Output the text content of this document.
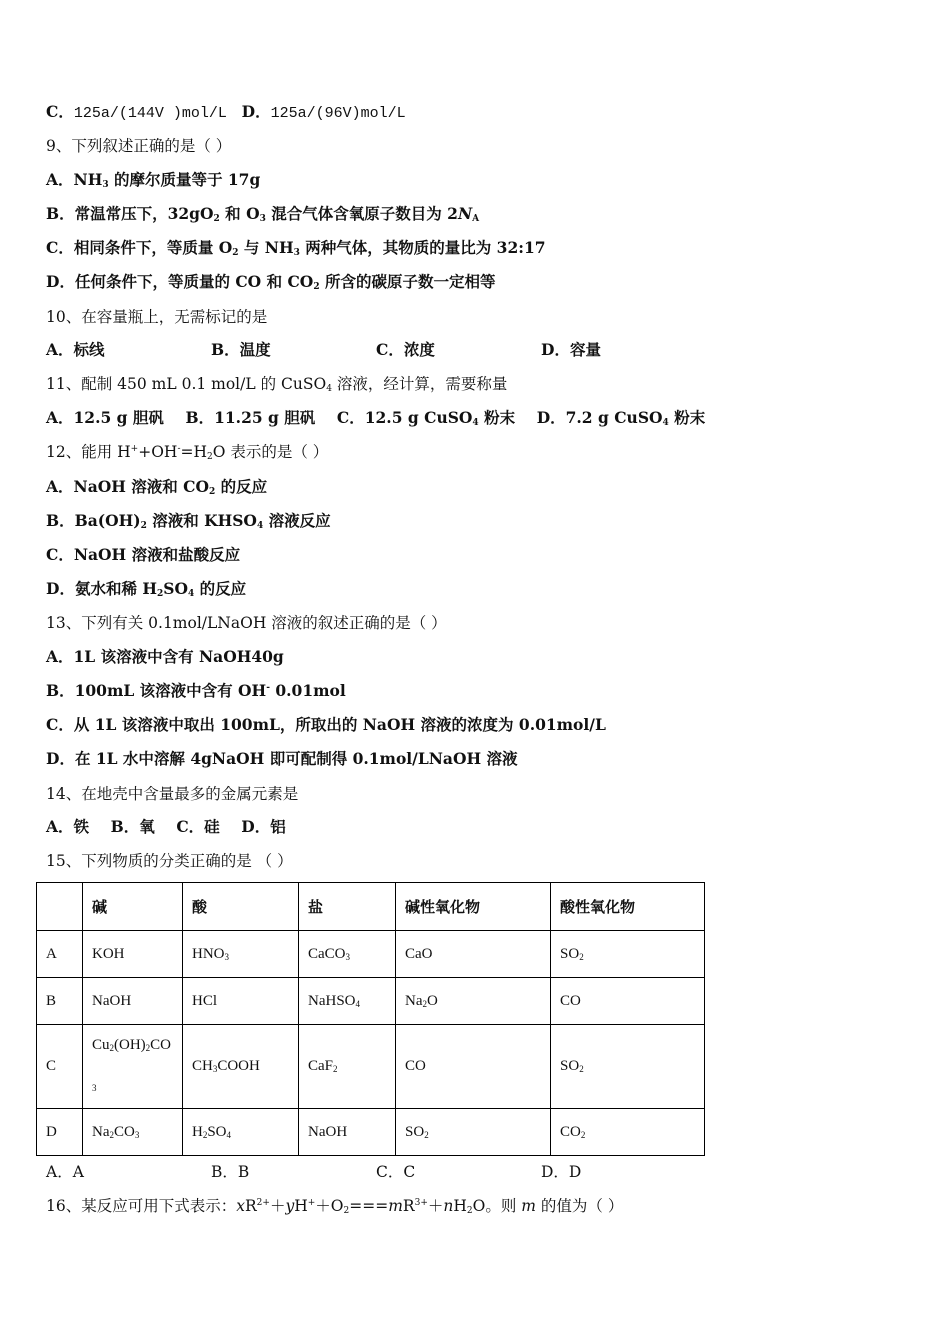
C．125a/(144V )mol/L D．125a/(96V)mol/L
9、下列叙述正确的是（ ）
A．$NH_3$ 的摩尔质量等于 17g
B．常温常压下，$32gO_2$ 和 $O_3$ 混合气体含氧原子数目为 $2N_A$
C．相同条件下，等质量 $O_2$ 与 $NH_3$ 两种气体，其物质的量比为 32:17
D．任何条件下，等质量的 CO 和 $CO_2$ 所含的碳原子数一定相等
10、在容量瓶上，无需标记的是
A．标线	B．温度	C．浓度	D．容量
11、配制 450 mL 0.1 mol/L 的 CuSO$_4$ 溶液，经计算，需要称量
A．12.5 g 胆矾 B．11.25 g 胆矾 C．12.5 g CuSO$_4$ 粉末 D．7.2 g CuSO$_4$ 粉末
12、能用 $H^++OH^-=H_2O$ 表示的是（ ）
A．NaOH 溶液和 $CO_2$ 的反应
B．$Ba(OH)_2$ 溶液和 $KHSO_4$ 溶液反应
C．NaOH 溶液和盐酸反应
D．氨水和稀 $H_2SO_4$ 的反应
13、下列有关 0.1mol/LNaOH 溶液的叙述正确的是（ ）
A．1L 该溶液中含有 NaOH40g
B．100mL 该溶液中含有 OH- 0.01mol
C．从 1L 该溶液中取出 100mL，所取出的 NaOH 溶液的浓度为 0.01mol/L
D．在 1L 水中溶解 4gNaOH 即可配制得 0.1mol/LNaOH 溶液
14、在地壳中含量最多的金属元素是
A．铁 B．氧 C．硅 D．铝
15、下列物质的分类正确的是 （ ）
	碱	酸	盐	碱性氧化物	酸性氧化物
A	KOH	$HNO_3$	CaCO$_3$	CaO	$SO_2$
B	NaOH	HCl	NaHSO$_4$	$Na_2O$	CO
C	$Cu_2(OH)_2CO$
$_3$	$CH_3COOH$	CaF$_2$	CO	$SO_2$
D	$Na_2CO_3$	$H_2SO_4$	NaOH	$SO_2$	$CO_2$
A．A	B．B	C．C	D．D
16、某反应可用下式表示：$xR^{2+}+yH^++O_2===mR^{3+}+nH_2O$。则 m 的值为（ ）
